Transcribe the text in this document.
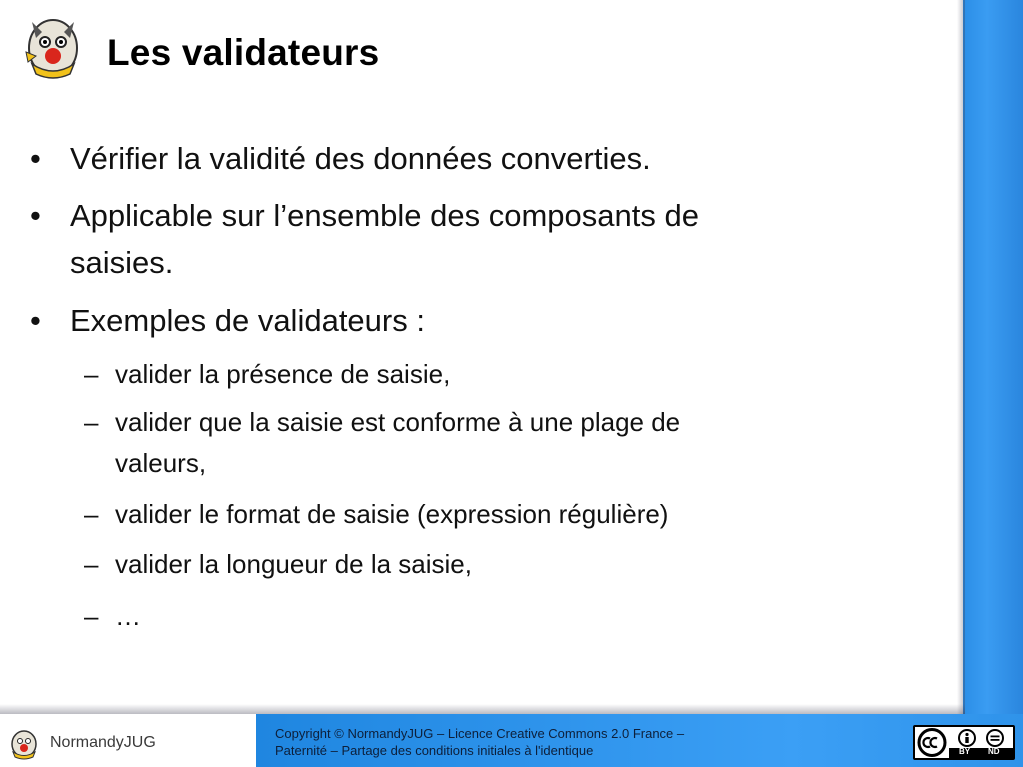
Les validateurs
• Vérifier la validité des données converties.
• Applicable sur l’ensemble des composants de
saisies.
• Exemples de validateurs :
– valider la présence de saisie,
– valider que la saisie est conforme à une plage de
valeurs,
– valider le format de saisie (expression régulière)
– valider la longueur de la saisie,
– …
NormandyJUG
Copyright © NormandyJUG – Licence Creative Commons 2.0 France –
Paternité – Partage des conditions initiales à l'identique	BY ND
